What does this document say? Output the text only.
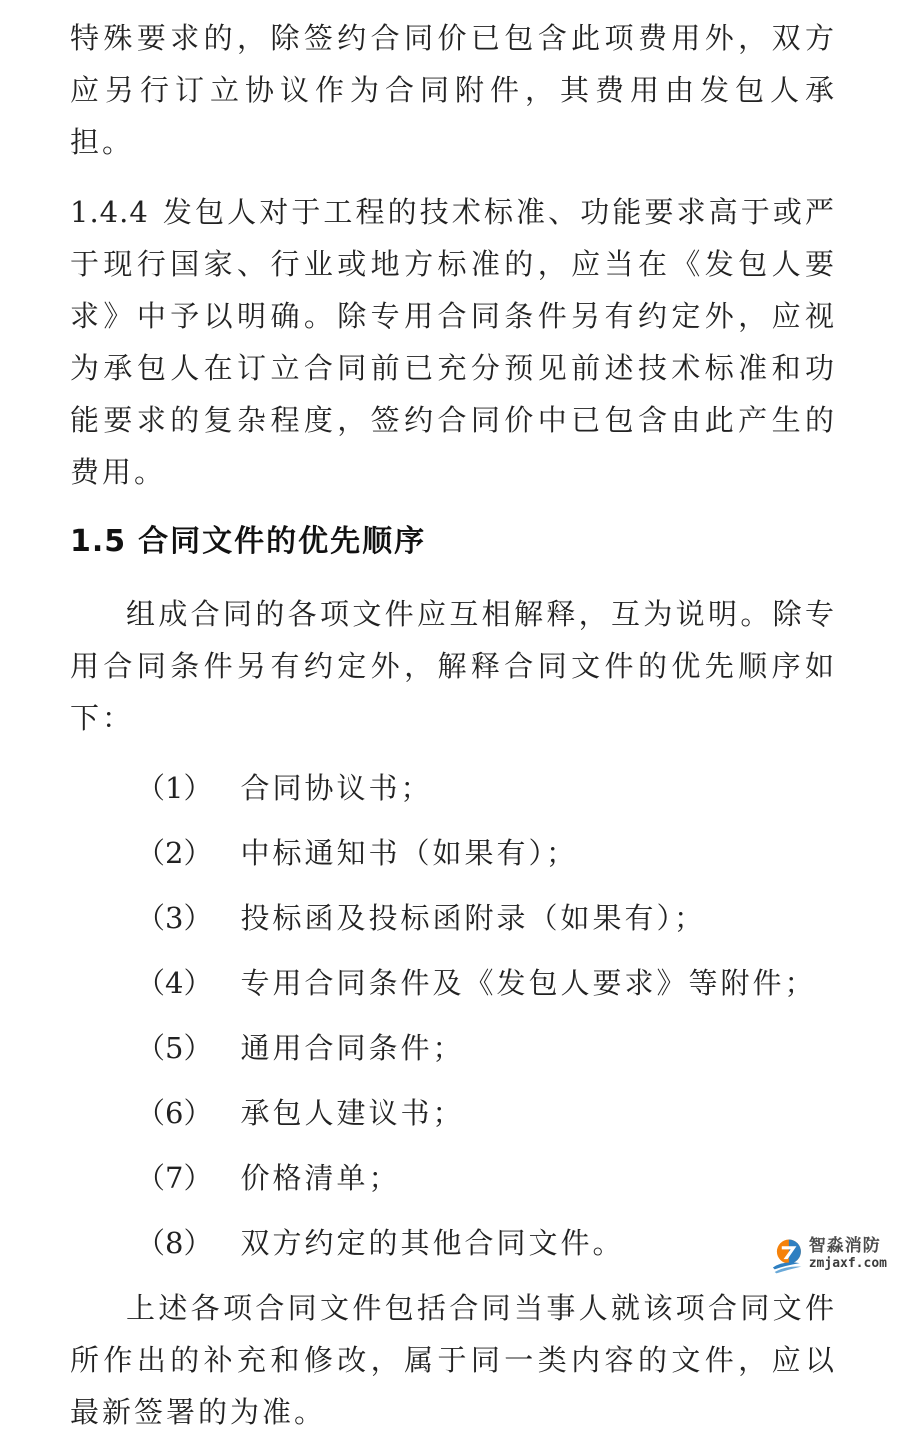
特殊要求的，除签约合同价已包含此项费用外，双方应另行订立协议作为合同附件，其费用由发包人承担。

1.4.4 发包人对于工程的技术标准、功能要求高于或严于现行国家、行业或地方标准的，应当在《发包人要求》中予以明确。除专用合同条件另有约定外，应视为承包人在订立合同前已充分预见前述技术标准和功能要求的复杂程度，签约合同价中已包含由此产生的费用。

1.5 合同文件的优先顺序

组成合同的各项文件应互相解释，互为说明。除专用合同条件另有约定外，解释合同文件的优先顺序如下：

（1） 合同协议书；
（2） 中标通知书（如果有）；
（3） 投标函及投标函附录（如果有）；
（4） 专用合同条件及《发包人要求》等附件；
（5） 通用合同条件；
（6） 承包人建议书；
（7） 价格清单；
（8） 双方约定的其他合同文件。

上述各项合同文件包括合同当事人就该项合同文件所作出的补充和修改，属于同一类内容的文件，应以最新签署的为准。

智淼消防
zmjaxf.com
